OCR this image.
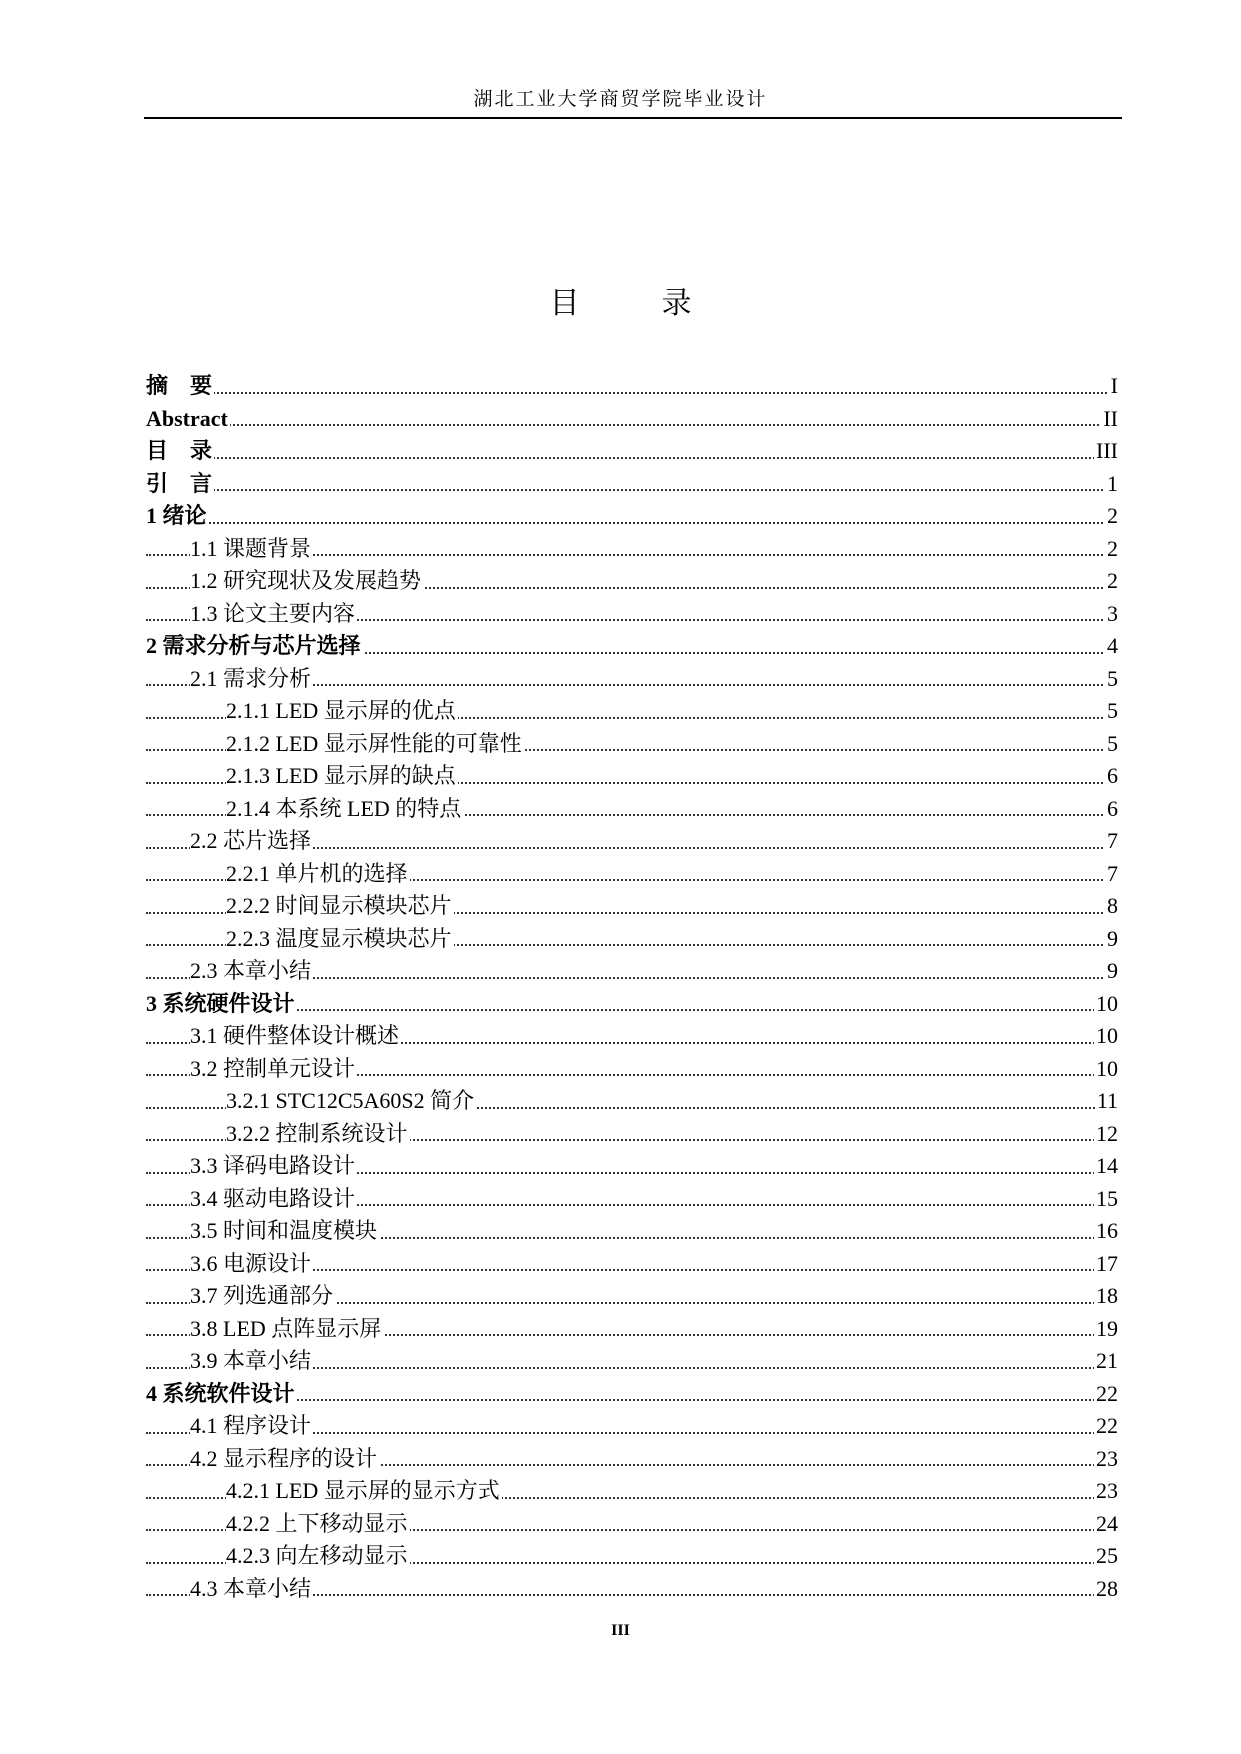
湖北工业大学商贸学院毕业设计
目　录
摘　要	I
Abstract	II
目　录	III
引　言	1
1 绪论	2
1.1 课题背景	2
1.2 研究现状及发展趋势	2
1.3 论文主要内容	3
2 需求分析与芯片选择	4
2.1 需求分析	5
2.1.1 LED 显示屏的优点	5
2.1.2 LED 显示屏性能的可靠性	5
2.1.3 LED 显示屏的缺点	6
2.1.4 本系统 LED 的特点	6
2.2 芯片选择	7
2.2.1 单片机的选择	7
2.2.2 时间显示模块芯片	8
2.2.3 温度显示模块芯片	9
2.3 本章小结	9
3 系统硬件设计	10
3.1 硬件整体设计概述	10
3.2 控制单元设计	10
3.2.1 STC12C5A60S2 简介	11
3.2.2 控制系统设计	12
3.3 译码电路设计	14
3.4 驱动电路设计	15
3.5 时间和温度模块	16
3.6 电源设计	17
3.7 列选通部分	18
3.8 LED 点阵显示屏	19
3.9 本章小结	21
4 系统软件设计	22
4.1 程序设计	22
4.2 显示程序的设计	23
4.2.1 LED 显示屏的显示方式	23
4.2.2 上下移动显示	24
4.2.3 向左移动显示	25
4.3 本章小结	28
III
